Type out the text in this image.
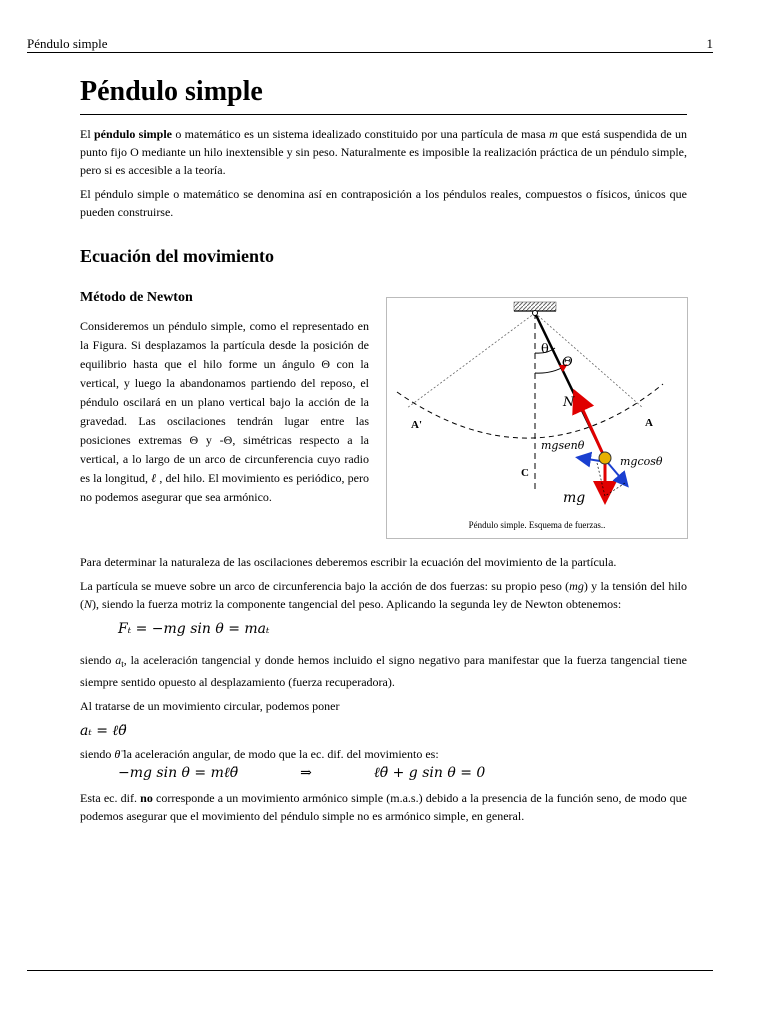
Péndulo simple	1
Péndulo simple

El péndulo simple o matemático es un sistema idealizado constituido por una partícula de masa m que está suspendida de un punto fijo O mediante un hilo inextensible y sin peso. Naturalmente es imposible la realización práctica de un péndulo simple, pero si es accesible a la teoría.

El péndulo simple o matemático se denomina así en contraposición a los péndulos reales, compuestos o físicos, únicos que pueden construirse.

Ecuación del movimiento
Método de Newton

Consideremos un péndulo simple, como el representado en la Figura. Si desplazamos la partícula desde la posición de equilibrio hasta que el hilo forme un ángulo Θ con la vertical, y luego la abandonamos partiendo del reposo, el péndulo oscilará en un plano vertical bajo la acción de la gravedad. Las oscilaciones tendrán lugar entre las posiciones extremas Θ y -Θ, simétricas respecto a la vertical, a lo largo de un arco de circunferencia cuyo radio es la longitud, ℓ , del hilo. El movimiento es periódico, pero no podemos asegurar que sea armónico.

θ
Θ
N
A'	A
C
mgsenθ
mgcosθ
mg
Péndulo simple. Esquema de fuerzas..

Para determinar la naturaleza de las oscilaciones deberemos escribir la ecuación del movimiento de la partícula.

La partícula se mueve sobre un arco de circunferencia bajo la acción de dos fuerzas: su propio peso (mg) y la tensión del hilo (N), siendo la fuerza motriz la componente tangencial del peso. Aplicando la segunda ley de Newton obtenemos:

Fₜ = −mg sin θ = maₜ

siendo $a_t$, la aceleración tangencial y donde hemos incluido el signo negativo para manifestar que la fuerza tangencial tiene siempre sentido opuesto al desplazamiento (fuerza recuperadora).

Al tratarse de un movimiento circular, podemos poner

aₜ = ℓθ̈

siendo θ̈ la aceleración angular, de modo que la ec. dif. del movimiento es:

−mg sin θ = mℓθ̈	⇒	ℓθ̈ + g sin θ = 0

Esta ec. dif. no corresponde a un movimiento armónico simple (m.a.s.) debido a la presencia de la función seno, de modo que podemos asegurar que el movimiento del péndulo simple no es armónico simple, en general.
